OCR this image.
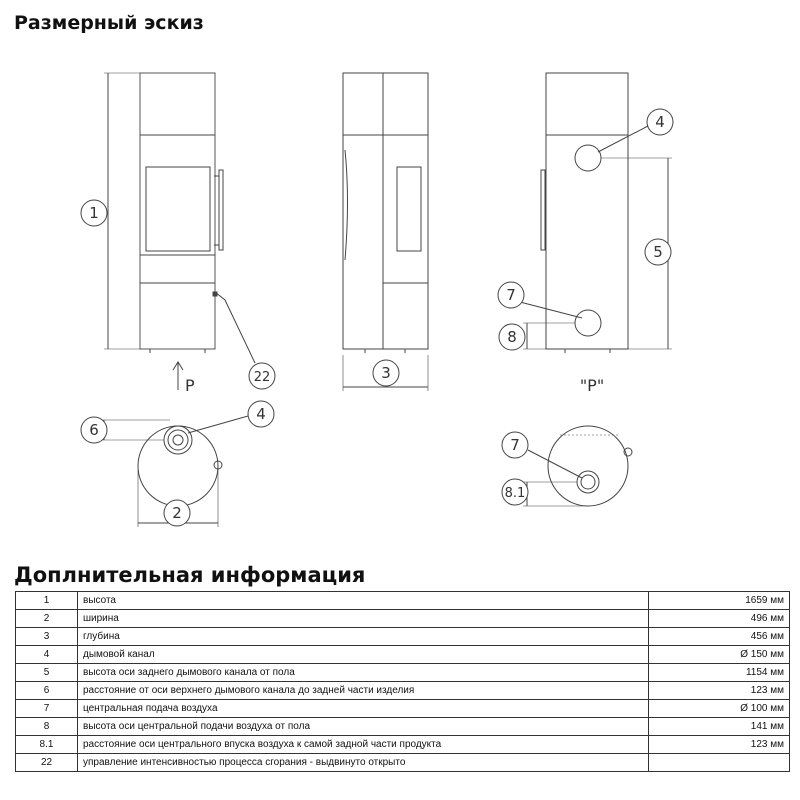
Размерный эскиз
1
22	3
4
5
7
8
6
4
2
7
8.1
P	"P"
Доплнительная информация
1	высота	1659 мм
2	ширина	496 мм
3	глубина	456 мм
4	дымовой канал	Ø 150 мм
5	высота оси заднего дымового канала от пола	1154 мм
6	расстояние от оси верхнего дымового канала до задней части изделия	123 мм
7	центральная подача воздуха	Ø 100 мм
8	высота оси центральной подачи воздуха от пола	141 мм
8.1	расстояние оси центрального впуска воздуха к самой задной части продукта	123 мм
22	управление интенсивностью процесса сгорания - выдвинуто открыто	
